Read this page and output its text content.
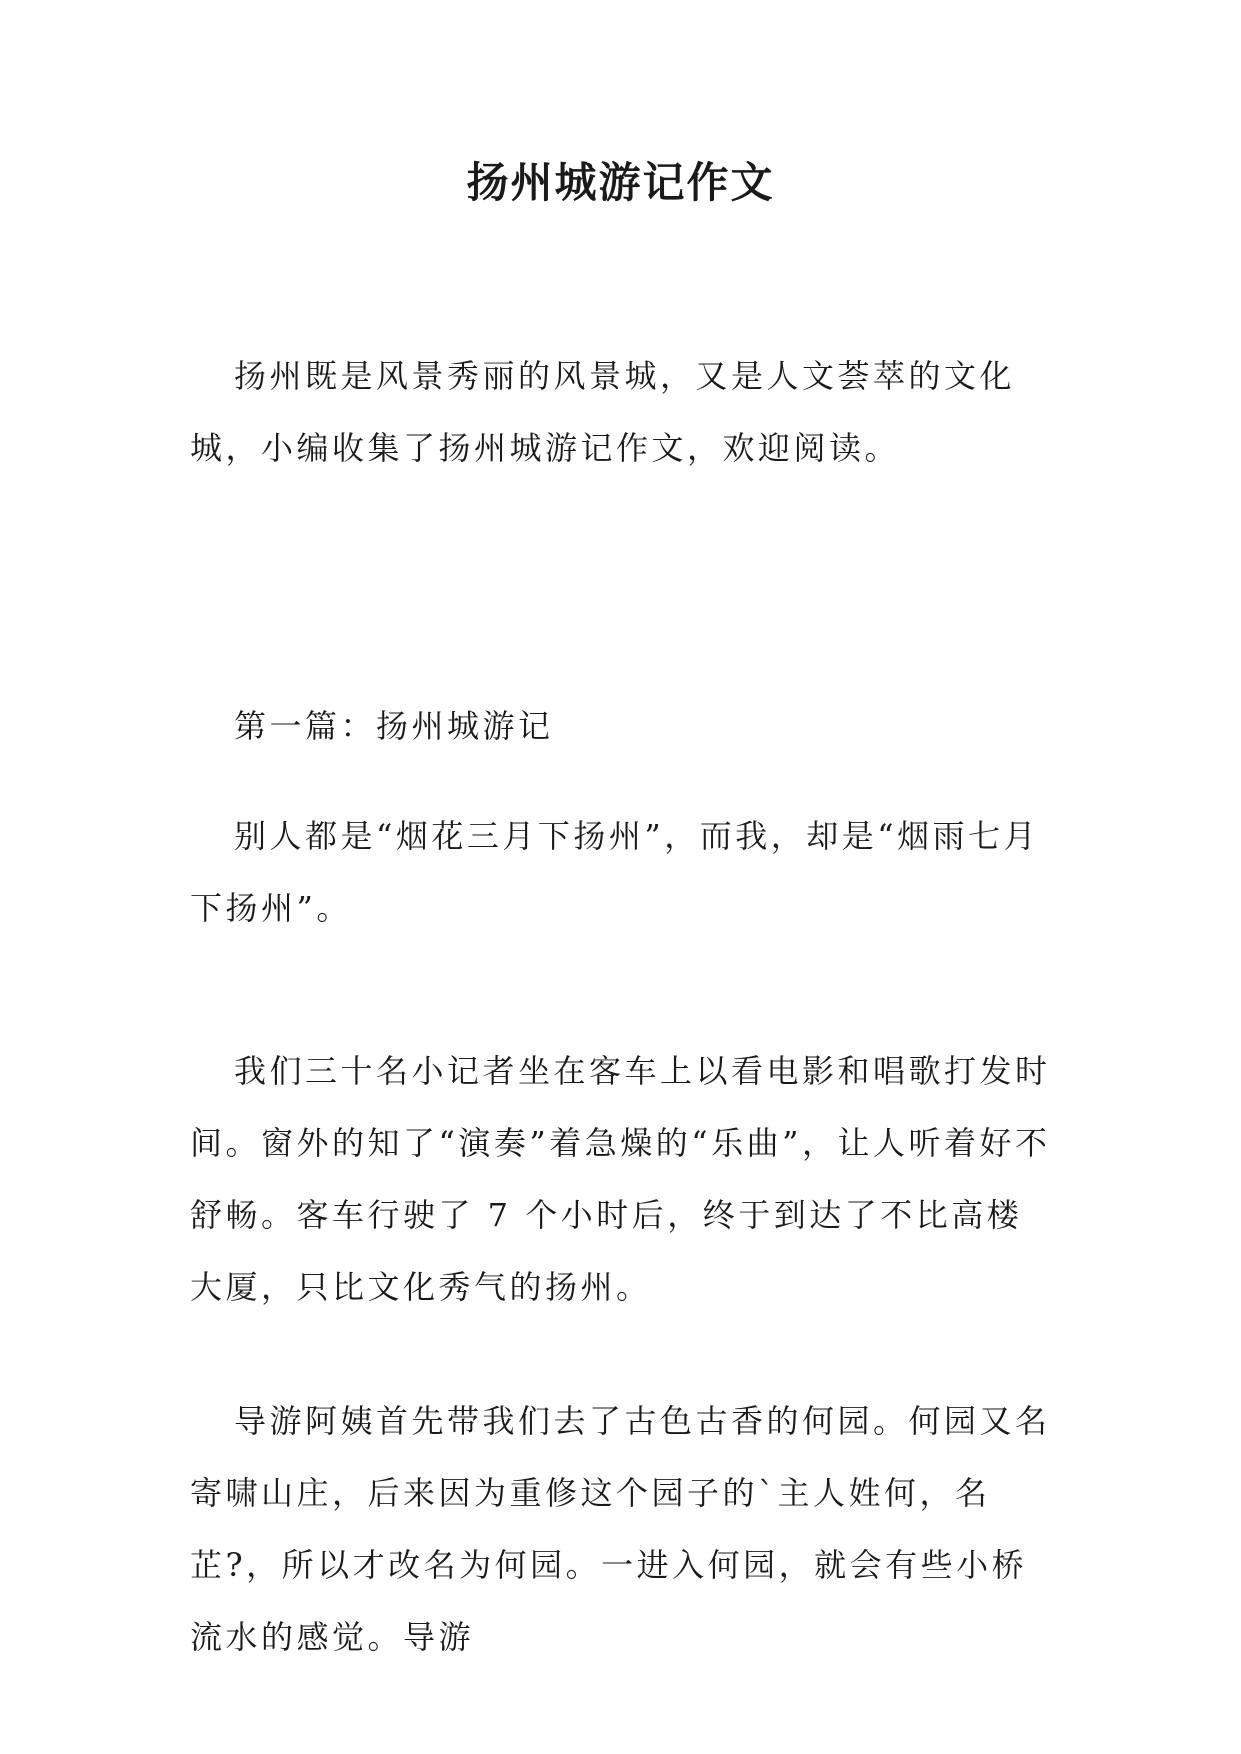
扬州城游记作文

扬州既是风景秀丽的风景城，又是人文荟萃的文化城，小编收集了扬州城游记作文，欢迎阅读。

第一篇：扬州城游记

别人都是“烟花三月下扬州”，而我，却是“烟雨七月下扬州”。

我们三十名小记者坐在客车上以看电影和唱歌打发时间。窗外的知了“演奏”着急燥的“乐曲”，让人听着好不舒畅。客车行驶了 7 个小时后，终于到达了不比高楼大厦，只比文化秀气的扬州。

导游阿姨首先带我们去了古色古香的何园。何园又名寄啸山庄，后来因为重修这个园子的`主人姓何，名芷?，所以才改名为何园。一进入何园，就会有些小桥流水的感觉。导游
